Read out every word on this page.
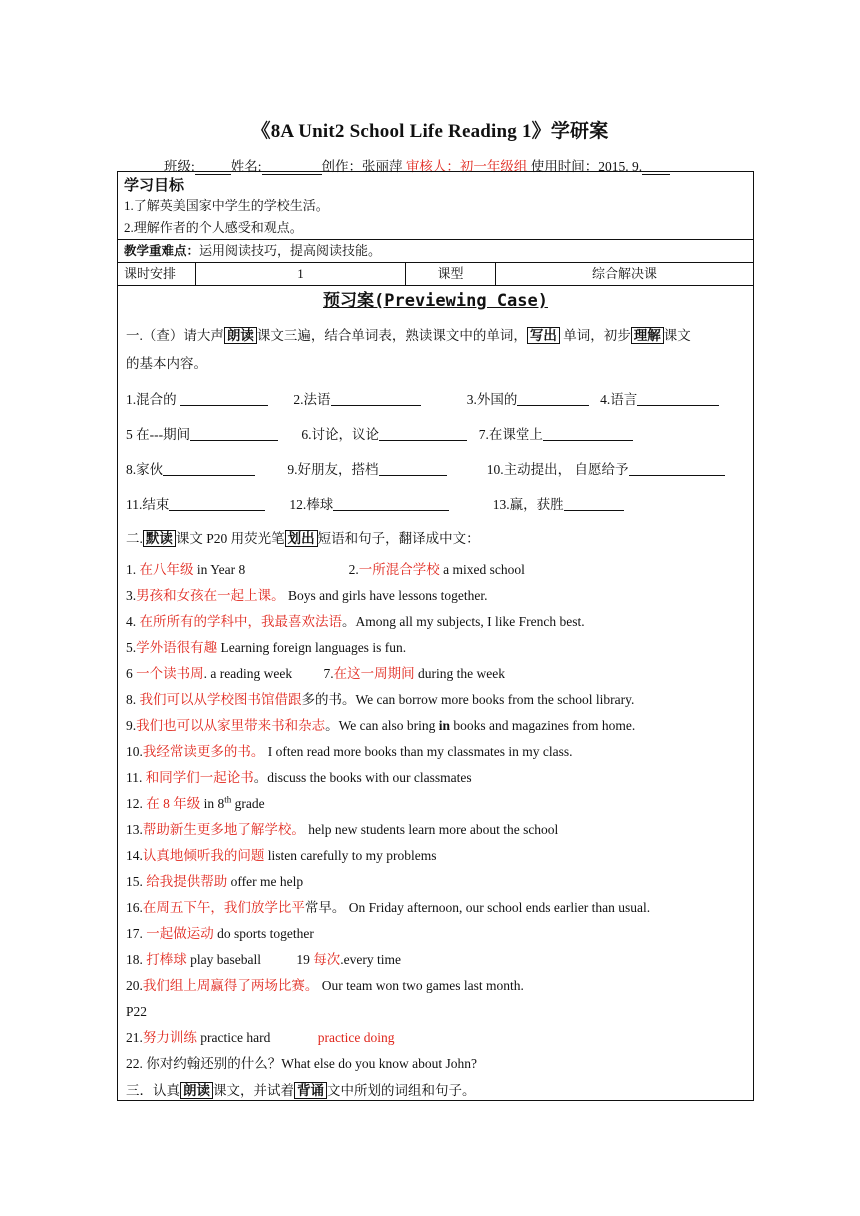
《8A Unit2 School Life Reading 1》学研案
班级:	姓名:	创作：张丽萍 审核人：初一年级组 使用时间：2015. 9.
学习目标
1.了解英美国家中学生的学校生活。
2.理解作者的个人感受和观点。
教学重难点：运用阅读技巧，提高阅读技能。
课时安排	1	课型	综合解决课
预习案(Previewing Case)
一.（查）请大声 朗读 课文三遍，结合单词表，熟读课文中的单词， 写出 单词，初步 理解 课文
的基本内容。
1.混合的	2.法语	3.外国的	4.语言
5 在---期间	6.讨论，议论	7.在课堂上
8.家伙	9.好朋友，搭档	10.主动提出， 自愿给予
11.结束	12.棒球	13.赢，获胜
二. 默读 课文 P20 用荧光笔 划出 短语和句子，翻译成中文：
1. 在八年级 in Year 8	2.一所混合学校 a mixed school
3.男孩和女孩在一起上课。 Boys and girls have lessons together.
4. 在所所有的学科中，我最喜欢法语。Among all my subjects, I like French best.
5.学外语很有趣 Learning foreign languages is fun.
6 一个读书周. a reading week 7.在这一周期间 during the week
8. 我们可以从学校图书馆借跟多的书。We can borrow more books from the school library.
9.我们也可以从家里带来书和杂志。We can also bring in books and magazines from home.
10.我经常读更多的书。 I often read more books than my classmates in my class.
11. 和同学们一起论书。discuss the books with our classmates
12. 在 8 年级 in 8th grade
13.帮助新生更多地了解学校。 help new students learn more about the school
14.认真地倾听我的问题 listen carefully to my problems
15. 给我提供帮助 offer me help
16.在周五下午，我们放学比平常早。 On Friday afternoon, our school ends earlier than usual.
17. 一起做运动 do sports together
18. 打棒球 play baseball	19 每次.every time
20.我们组上周赢得了两场比赛。 Our team won two games last month.
P22
21.努力训练 practice hard	practice doing
22. 你对约翰还别的什么？What else do you know about John?
三．认真 朗读 课文，并试着 背诵 文中所划的词组和句子。
